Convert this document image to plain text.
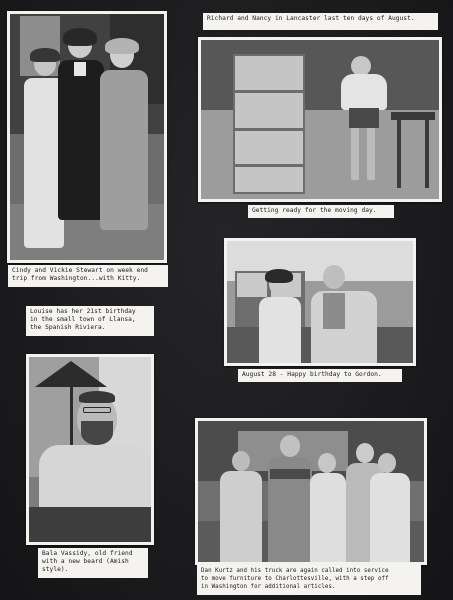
Richard and Nancy in Lancaster last ten days of August.
Getting ready for the moving day.
August 28 - Happy birthday to Gordon.
Cindy and Vickie Stewart on week end
trip from Washington...with Kitty.
Louise has her 21st birthday
in the small town of Llansa,
the Spanish Riviera.
Bala Vassidy, old friend
with a new beard (Amish
style).	Dan Kurtz and his truck are again called into service
to move furniture to Charlottesville, with a step off
in Washington for additional articles.
